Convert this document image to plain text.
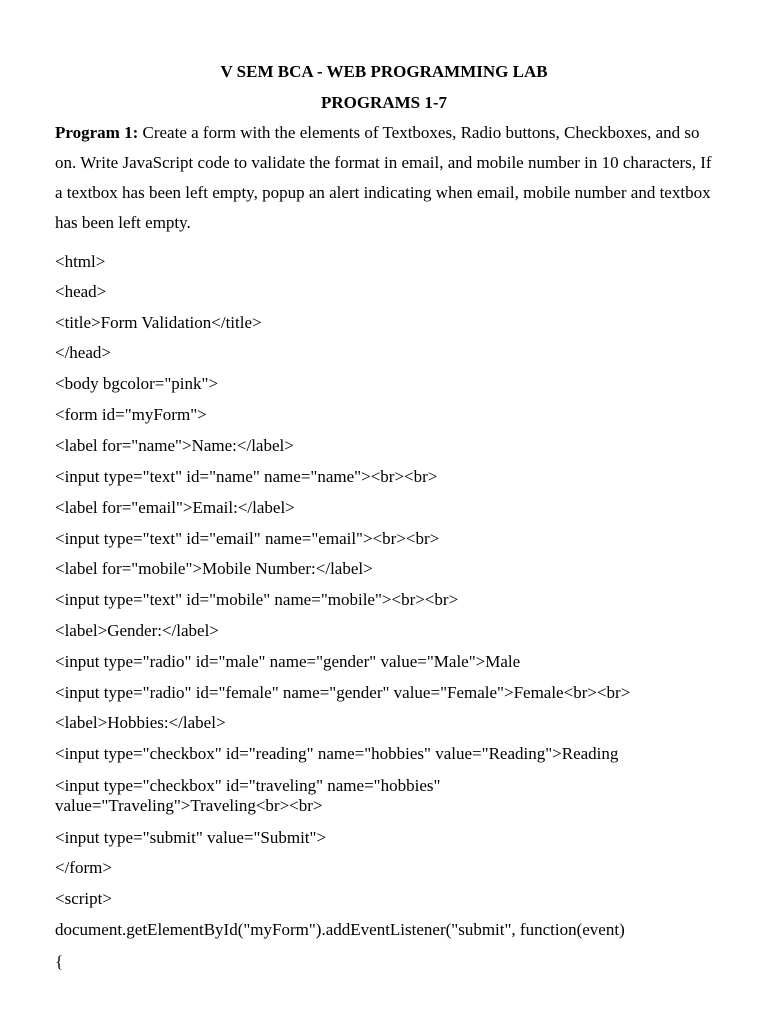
V SEM BCA - WEB PROGRAMMING LAB
PROGRAMS 1-7
Program 1: Create a form with the elements of Textboxes, Radio buttons, Checkboxes, and so on. Write JavaScript code to validate the format in email, and mobile number in 10 characters, If a textbox has been left empty, popup an alert indicating when email, mobile number and textbox has been left empty.
<html>
<head>
<title>Form Validation</title>
</head>
<body bgcolor="pink">
<form id="myForm">
<label for="name">Name:</label>
<input type="text" id="name" name="name"><br><br>
<label for="email">Email:</label>
<input type="text" id="email" name="email"><br><br>
<label for="mobile">Mobile Number:</label>
<input type="text" id="mobile" name="mobile"><br><br>
<label>Gender:</label>
<input type="radio" id="male" name="gender" value="Male">Male
<input type="radio" id="female" name="gender" value="Female">Female<br><br>
<label>Hobbies:</label>
<input type="checkbox" id="reading" name="hobbies" value="Reading">Reading
<input type="checkbox" id="traveling" name="hobbies" value="Traveling">Traveling<br><br>
<input type="submit" value="Submit">
</form>
<script>
document.getElementById("myForm").addEventListener("submit", function(event)
{
